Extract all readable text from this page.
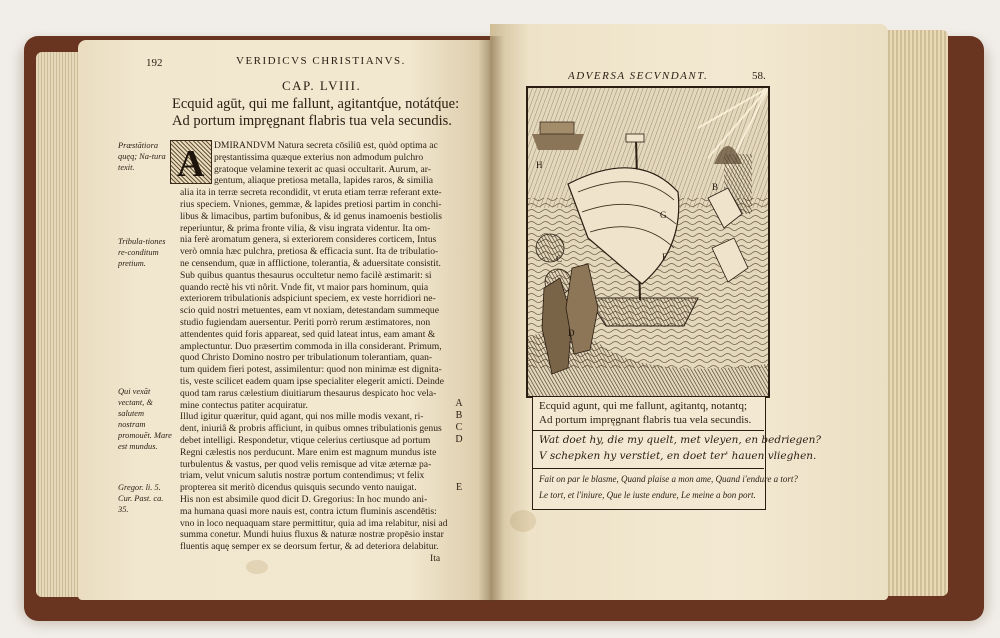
192	VERIDICVS CHRISTIANVS.
CAP. LVIII.
Ecquid agūt, qui me fallunt, agitantq́ue, notátq́ue:
Ad portum impręgnant flabris tua vela secundis.
A DMIRANDVM Natura secreta cōsiliū est, quòd optima ac
pręstantissima quæque exterius non admodum pulchro
gratoque velamine texerit ac quasi occultarit. Aurum, ar-
gentum, aliaque pretiosa metalla, lapides raros, & similia
alia ita in terræ secreta recondidit, vt eruta etiam terræ referant exte-
rius speciem. Vniones, gemmæ, & lapides pretiosi partim in conchi-
libus & limacibus, partim bufonibus, & id genus inamoenis bestiolis
reperiuntur, & prima fronte vilia, & visu ingrata videntur. Ita om-
nia ferè aromatum genera, si exteriorem consideres corticem, Intus
verò omnia hæc pulchra, pretiosa & efficacia sunt. Ita de tribulatio-
ne censendum, quæ in afflictione, tolerantia, & aduersitate consistit.
Sub quibus quantus thesaurus occultetur nemo facilè æstimarit: si
quando rectè his vti nôrit. Vnde fit, vt maior pars hominum, quia
exteriorem tribulationis adspiciunt speciem, ex veste horridiori ne-
scio quid nostri metuentes, eam vt noxiam, detestandam summeque
studio fugiendam auersentur. Periti porrò rerum æstimatores, non
attendentes quid foris appareat, sed quid lateat intus, eam amant &
amplectuntur. Duo præsertim commoda in illa considerant. Primum,
quod Christo Domino nostro per tribulationum tolerantiam, quan-
tum quidem fieri potest, assimilentur: quod non minimæ est dignita-
tis, veste scilicet eadem quam ipse specialiter elegerit amicti. Deinde
quod tam rarus cælestium diuitiarum thesaurus despicato hoc vela-
mine contectus patiter acquiratur.
Illud igitur quæritur, quid agant, qui nos mille modis vexant, ri-
dent, iniuriâ & probris afficiunt, in quibus omnes tribulationis genus
debet intelligi. Respondetur, vtique celerius certiusque ad portum
Regni cælestis nos perducunt. Mare enim est magnum mundus iste
turbulentus & vastus, per quod velis remisque ad vitæ æternæ pa-
triam, velut vnicum salutis nostræ portum contendimus; vt felix
propterea sit meritò dicendus quisquis secundo vento nauigat.
His non est absimile quod dicit D. Gregorius: In hoc mundo ani-
ma humana quasi more nauis est, contra ictum fluminis ascendētis:
vno in loco nequaquam stare permittitur, quia ad ima relabitur, nisi ad
summa conetur. Mundi huius fluxus & naturæ nostræ propēsio instar
fluentis aquę semper ex se deorsum fertur, & ad deteriora delabitur.
Ita
Præstātiora quęq; Na-tura texit.
Tribula-tiones re-conditum pretium.
Qui vexāt vectant, & salutem nostram promouēt. Mare est mundus.
Gregor. li. 5. Cur. Past. ca. 35.
A
B
C
D
E
ADVERSA SECVNDANT.	58.
H
C
G
F
B
D
Ecquid agunt, qui me fallunt, agitantq, notantq;
Ad portum impręgnant flabris tua vela secundis.
Wat doet hy, die my quelt, met vleyen, en bedriegen?
V schepken hy verstiet, en doet ter' hauen vlieghen.
Fait on par le blasme, Quand plaise a mon ame, Quand i'endure a tort?
Le tort, et l'iniure, Que le iuste endure, Le meine a bon port.
